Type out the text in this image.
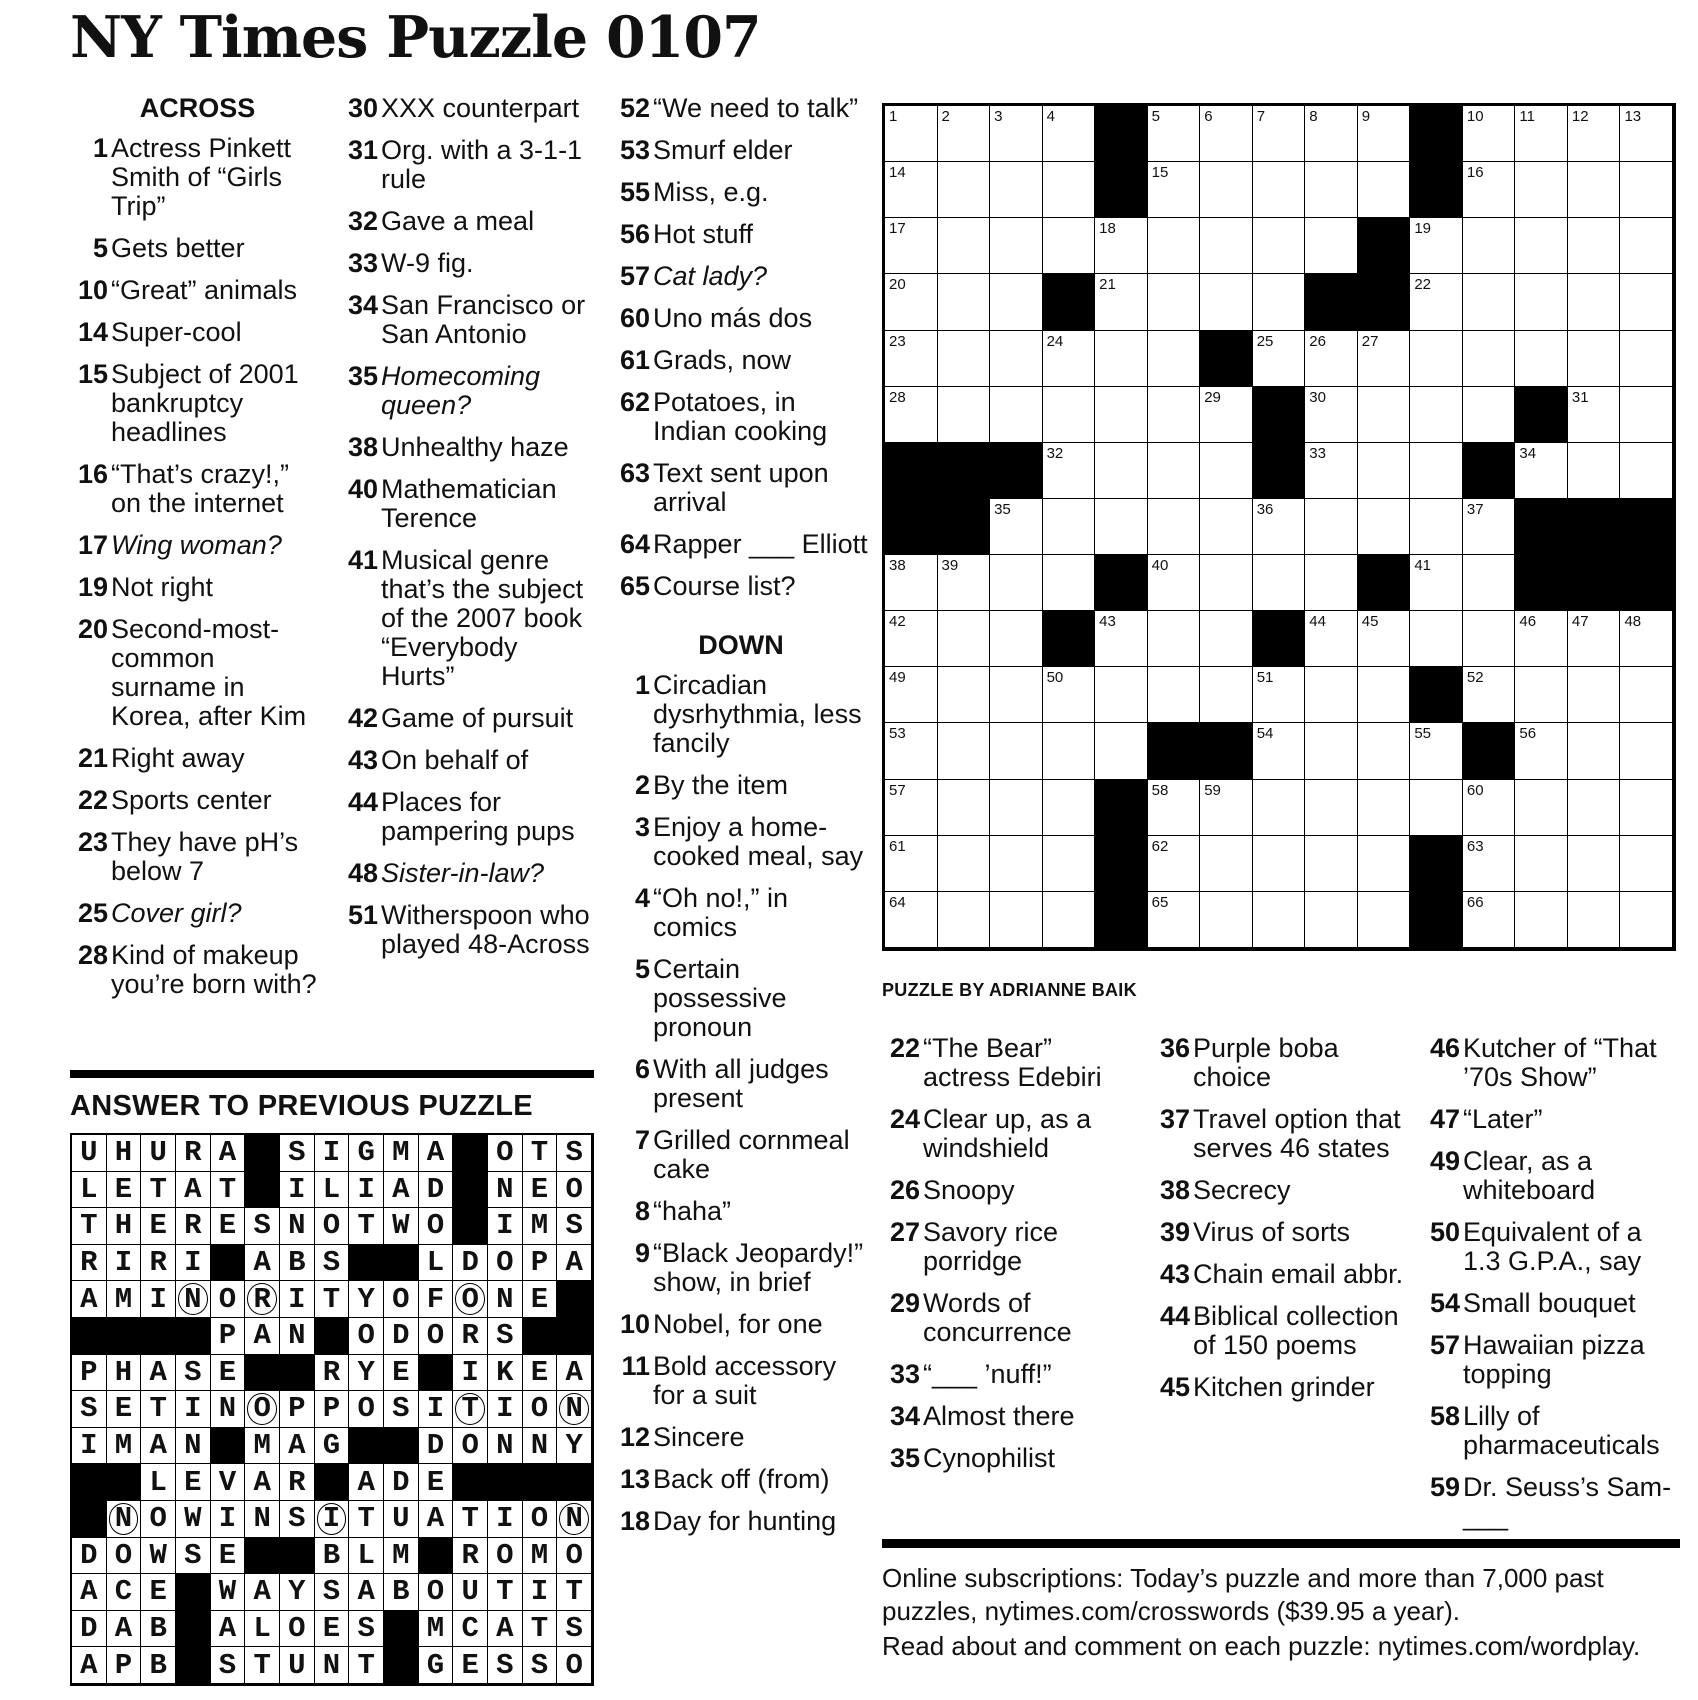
NY Times Puzzle 0107
ACROSS
1 Actress Pinkett Smith of “Girls Trip”
5 Gets better
10 “Great” animals
14 Super-cool
15 Subject of 2001 bankruptcy headlines
16 “That’s crazy!,” on the internet
17 Wing woman?
19 Not right
20 Second-most-common surname in Korea, after Kim
21 Right away
22 Sports center
23 They have pH’s below 7
25 Cover girl?
28 Kind of makeup you’re born with?
30 XXX counterpart
31 Org. with a 3-1-1 rule
32 Gave a meal
33 W-9 fig.
34 San Francisco or San Antonio
35 Homecoming queen?
38 Unhealthy haze
40 Mathematician Terence
41 Musical genre that’s the subject of the 2007 book “Everybody Hurts”
42 Game of pursuit
43 On behalf of
44 Places for pampering pups
48 Sister-in-law?
51 Witherspoon who played 48-Across
52 “We need to talk”
53 Smurf elder
55 Miss, e.g.
56 Hot stuff
57 Cat lady?
60 Uno más dos
61 Grads, now
62 Potatoes, in Indian cooking
63 Text sent upon arrival
64 Rapper ___ Elliott
65 Course list?
DOWN
1 Circadian dysrhythmia, less fancily
2 By the item
3 Enjoy a home-cooked meal, say
4 “Oh no!,” in comics
5 Certain possessive pronoun
6 With all judges present
7 Grilled cornmeal cake
8 “haha”
9 “Black Jeopardy!” show, in brief
10 Nobel, for one
11 Bold accessory for a suit
12 Sincere
13 Back off (from)
18 Day for hunting
1	2	3	4	5	6	7	8	9	10 11 12 13
14	15	16
17	18	19
20	21	22
23	24	25 26 27
28	29	30	31
32	33	34
35	36	37
38 39	40	41
42	43	44 45	46 47 48
49	50	51	52
53	54	55	56
57	58 59	60
61	62	63
64	65	66
PUZZLE BY ADRIANNE BAIK
22 “The Bear” actress Edebiri
24 Clear up, as a windshield
26 Snoopy
27 Savory rice porridge
29 Words of concurrence
33 “___ ’nuff!”
34 Almost there
35 Cynophilist
36 Purple boba choice
37 Travel option that serves 46 states
38 Secrecy
39 Virus of sorts
43 Chain email abbr.
44 Biblical collection of 150 poems
45 Kitchen grinder
46 Kutcher of “That ’70s Show”
47 “Later”
49 Clear, as a whiteboard
50 Equivalent of a 1.3 G.P.A., say
54 Small bouquet
57 Hawaiian pizza topping
58 Lilly of pharmaceuticals
59 Dr. Seuss’s Sam-___
ANSWER TO PREVIOUS PUZZLE
U H U R A S I G M A O T S
L E T A T I L I A D N E O
T H E R E S N O T W O I M S
R I R I A B S	L D O P A
A M I N O R I T Y O F O N E
P A N O D O R S
P H A S E	R Y E I K E A
S E T I N O P P O S I T I O N
I M A N M A G	D O N N Y
L E V A R A D E
N O W I N S I T U A T I O N
D O W S E	B L M R O M O
A C E W A Y S A B O U T I T
D A B A L O E S M C A T S
A P B S T U N T G E S S O

Online subscriptions: Today’s puzzle and more than 7,000 past puzzles, nytimes.com/crosswords ($39.95 a year).

Read about and comment on each puzzle: nytimes.com/wordplay.
